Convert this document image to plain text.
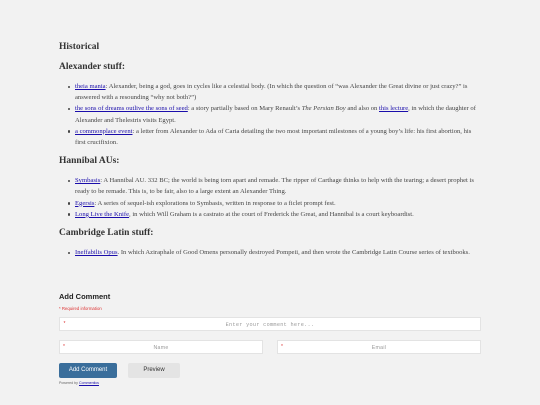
Historical
Alexander stuff:
theia mania: Alexander, being a god, goes in cycles like a celestial body. (In which the question of “was Alexander the Great divine or just crazy?” is answered with a resounding “why not both?”)
the sons of dreams outlive the sons of seed: a story partially based on Mary Renault’s The Persian Boy and also on this lecture, in which the daughter of Alexander and Thelestris visits Egypt.
a commonplace event: a letter from Alexander to Ada of Caria detailing the two most important milestones of a young boy’s life: his first abortion, his first crucifixion.
Hannibal AUs:
Symbasis: A Hannibal AU. 332 BC; the world is being torn apart and remade. The ripper of Carthage thinks to help with the tearing; a desert prophet is ready to be remade. This is, to be fair, also to a large extent an Alexander Thing.
Egersis: A series of sequel-ish explorations to Symbasis, written in response to a ficlet prompt fest.
Long Live the Knife, in which Will Graham is a castrato at the court of Frederick the Great, and Hannibal is a court keyboardist.
Cambridge Latin stuff:
Ineffabilis Opus. In which Aziraphale of Good Omens personally destroyed Pompeii, and then wrote the Cambridge Latin Course series of textbooks.
Add Comment
* Required information
*	Enter your comment here...
*	Name	*	Email
Add Comment	Preview
Powered by Commentics
